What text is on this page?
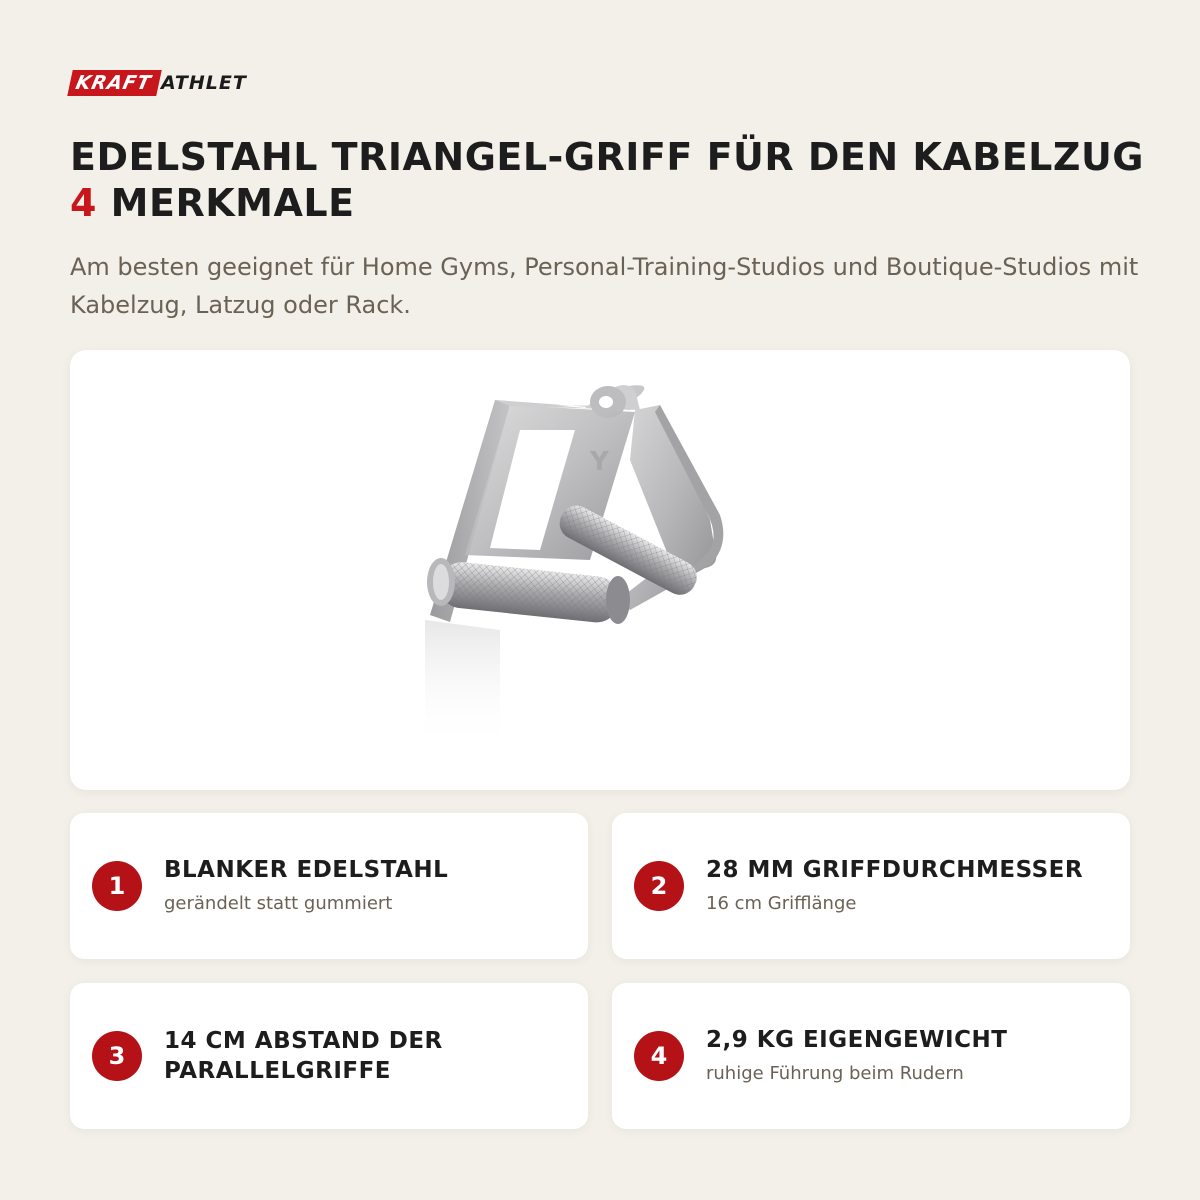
KRAFT ATHLET
EDELSTAHL TRIANGEL-GRIFF FÜR DEN KABELZUG
4 MERKMALE

Am besten geeignet für Home Gyms, Personal-Training-Studios und Boutique-Studios mit Kabelzug, Latzug oder Rack.

Y
1
BLANKER EDELSTAHL
gerändelt statt gummiert
2
28 MM GRIFFDURCHMESSER
16 cm Grifflänge
3
14 CM ABSTAND DER PARALLELGRIFFE
4
2,9 KG EIGENGEWICHT
ruhige Führung beim Rudern
